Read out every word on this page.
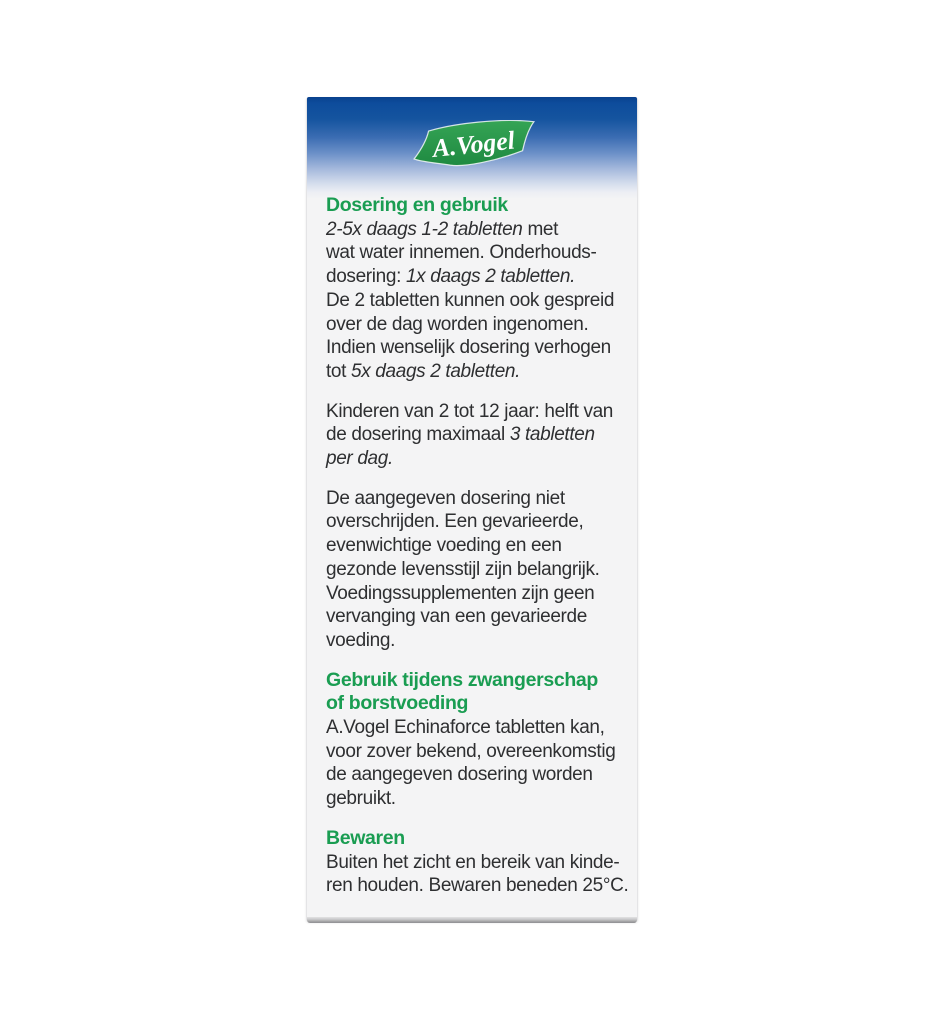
A.Vogel
Dosering en gebruik
2-5x daags 1-2 tabletten met
wat water innemen. Onderhouds-
dosering: 1x daags 2 tabletten.
De 2 tabletten kunnen ook gespreid
over de dag worden ingenomen.
Indien wenselijk dosering verhogen
tot 5x daags 2 tabletten.
Kinderen van 2 tot 12 jaar: helft van
de dosering maximaal 3 tabletten
per dag.
De aangegeven dosering niet
overschrijden. Een gevarieerde,
evenwichtige voeding en een
gezonde levensstijl zijn belangrijk.
Voedingssupplementen zijn geen
vervanging van een gevarieerde
voeding.
Gebruik tijdens zwangerschap
of borstvoeding
A.Vogel Echinaforce tabletten kan,
voor zover bekend, overeenkomstig
de aangegeven dosering worden
gebruikt.
Bewaren
Buiten het zicht en bereik van kinde-
ren houden. Bewaren beneden 25°C.
